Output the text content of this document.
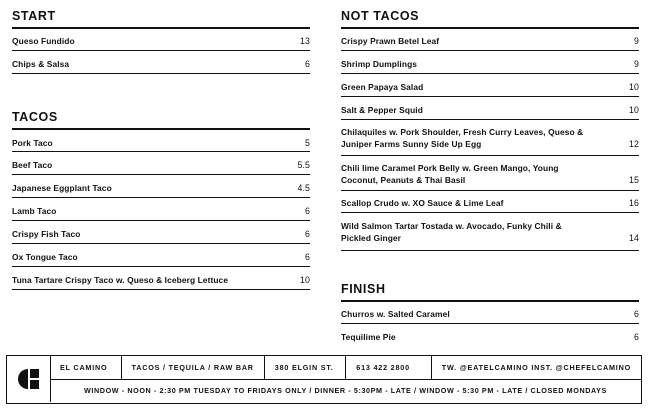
START
Queso Fundido	13
Chips & Salsa	6
TACOS
Pork Taco	5
Beef Taco	5.5
Japanese Eggplant Taco	4.5
Lamb Taco	6
Crispy Fish Taco	6
Ox Tongue Taco	6
Tuna Tartare Crispy Taco w. Queso & Iceberg Lettuce	10
NOT TACOS
Crispy Prawn Betel Leaf	9
Shrimp Dumplings	9
Green Papaya Salad	10
Salt & Pepper Squid	10
Chilaquiles w. Pork Shoulder, Fresh Curry Leaves, Queso & Juniper Farms Sunny Side Up Egg	12
Chili lime Caramel Pork Belly w. Green Mango, Young Coconut, Peanuts & Thai Basil	15
Scallop Crudo w. XO Sauce & Lime Leaf	16
Wild Salmon Tartar Tostada w. Avocado, Funky Chili & Pickled Ginger	14
FINISH
Churros w. Salted Caramel	6
Tequilime Pie	6
EL CAMINO	TACOS / TEQUILA / RAW BAR	380 ELGIN ST.	613 422 2800	TW. @EATELCAMINO INST. @CHEFELCAMINO
WINDOW - NOON - 2:30 PM TUESDAY TO FRIDAYS ONLY / DINNER - 5:30PM - LATE / WINDOW - 5:30 PM - LATE / CLOSED MONDAYS
